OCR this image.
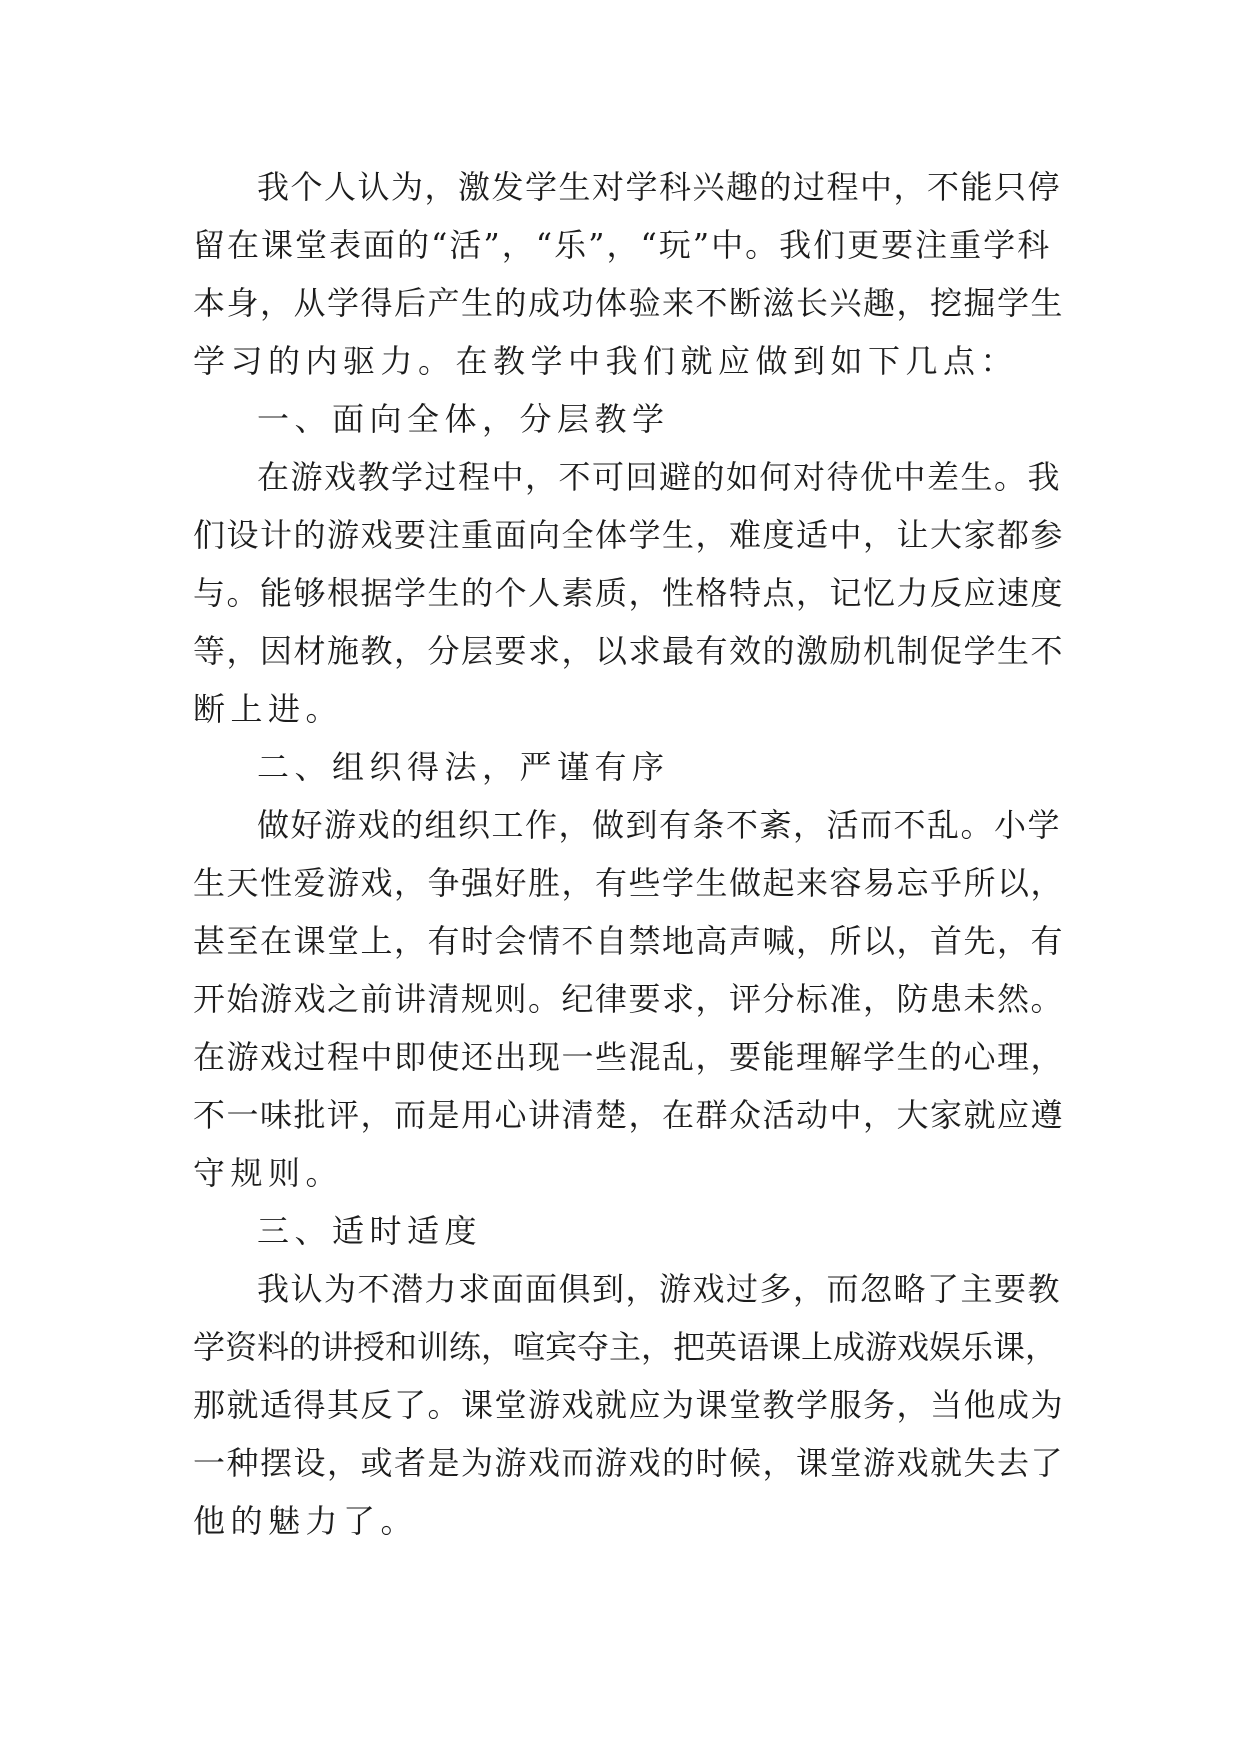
我个人认为，激发学生对学科兴趣的过程中，不能只停

留在课堂表面的“活”，“乐”，“玩”中。我们更要注重学科

本身，从学得后产生的成功体验来不断滋长兴趣，挖掘学生

学习的内驱力。在教学中我们就应做到如下几点：

一、面向全体，分层教学

在游戏教学过程中，不可回避的如何对待优中差生。我

们设计的游戏要注重面向全体学生，难度适中，让大家都参

与。能够根据学生的个人素质，性格特点，记忆力反应速度

等，因材施教，分层要求，以求最有效的激励机制促学生不

断上进。

二、组织得法，严谨有序

做好游戏的组织工作，做到有条不紊，活而不乱。小学

生天性爱游戏，争强好胜，有些学生做起来容易忘乎所以，

甚至在课堂上，有时会情不自禁地高声喊，所以，首先，有

开始游戏之前讲清规则。纪律要求，评分标准，防患未然。

在游戏过程中即使还出现一些混乱，要能理解学生的心理，

不一味批评，而是用心讲清楚，在群众活动中，大家就应遵

守规则。

三、适时适度

我认为不潜力求面面俱到，游戏过多，而忽略了主要教

学资料的讲授和训练，喧宾夺主，把英语课上成游戏娱乐课，

那就适得其反了。课堂游戏就应为课堂教学服务，当他成为

一种摆设，或者是为游戏而游戏的时候，课堂游戏就失去了

他的魅力了。
